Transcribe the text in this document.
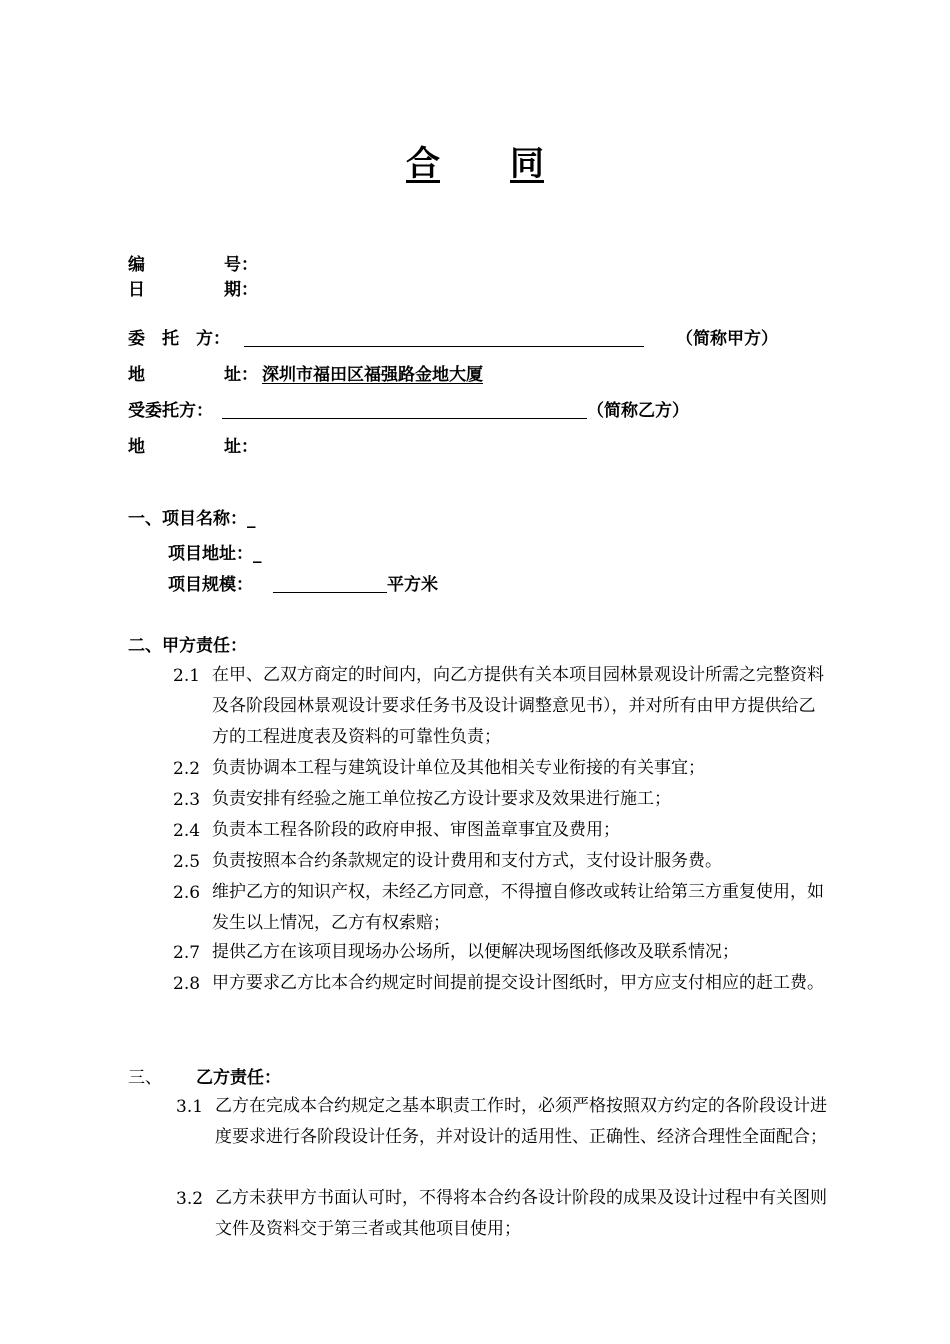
合 同
编	号：
日	期：
委　托　方：	（简称甲方）
地	址： 深圳市福田区福强路金地大厦
受委托方：	（简称乙方）
地	址：
一、项目名称：_
项目地址：_
项目规模：	平方米
二、甲方责任：
2.1 在甲、乙双方商定的时间内，向乙方提供有关本项目园林景观设计所需之完整资料及各阶段园林景观设计要求任务书及设计调整意见书），并对所有由甲方提供给乙方的工程进度表及资料的可靠性负责；
2.2 负责协调本工程与建筑设计单位及其他相关专业衔接的有关事宜；
2.3 负责安排有经验之施工单位按乙方设计要求及效果进行施工；
2.4 负责本工程各阶段的政府申报、审图盖章事宜及费用；
2.5 负责按照本合约条款规定的设计费用和支付方式，支付设计服务费。
2.6 维护乙方的知识产权，未经乙方同意，不得擅自修改或转让给第三方重复使用，如发生以上情况，乙方有权索赔；
2.7 提供乙方在该项目现场办公场所，以便解决现场图纸修改及联系情况；
2.8 甲方要求乙方比本合约规定时间提前提交设计图纸时，甲方应支付相应的赶工费。
三、 乙方责任：
3.1 乙方在完成本合约规定之基本职责工作时，必须严格按照双方约定的各阶段设计进度要求进行各阶段设计任务，并对设计的适用性、正确性、经济合理性全面配合；
3.2 乙方未获甲方书面认可时，不得将本合约各设计阶段的成果及设计过程中有关图则文件及资料交于第三者或其他项目使用；
